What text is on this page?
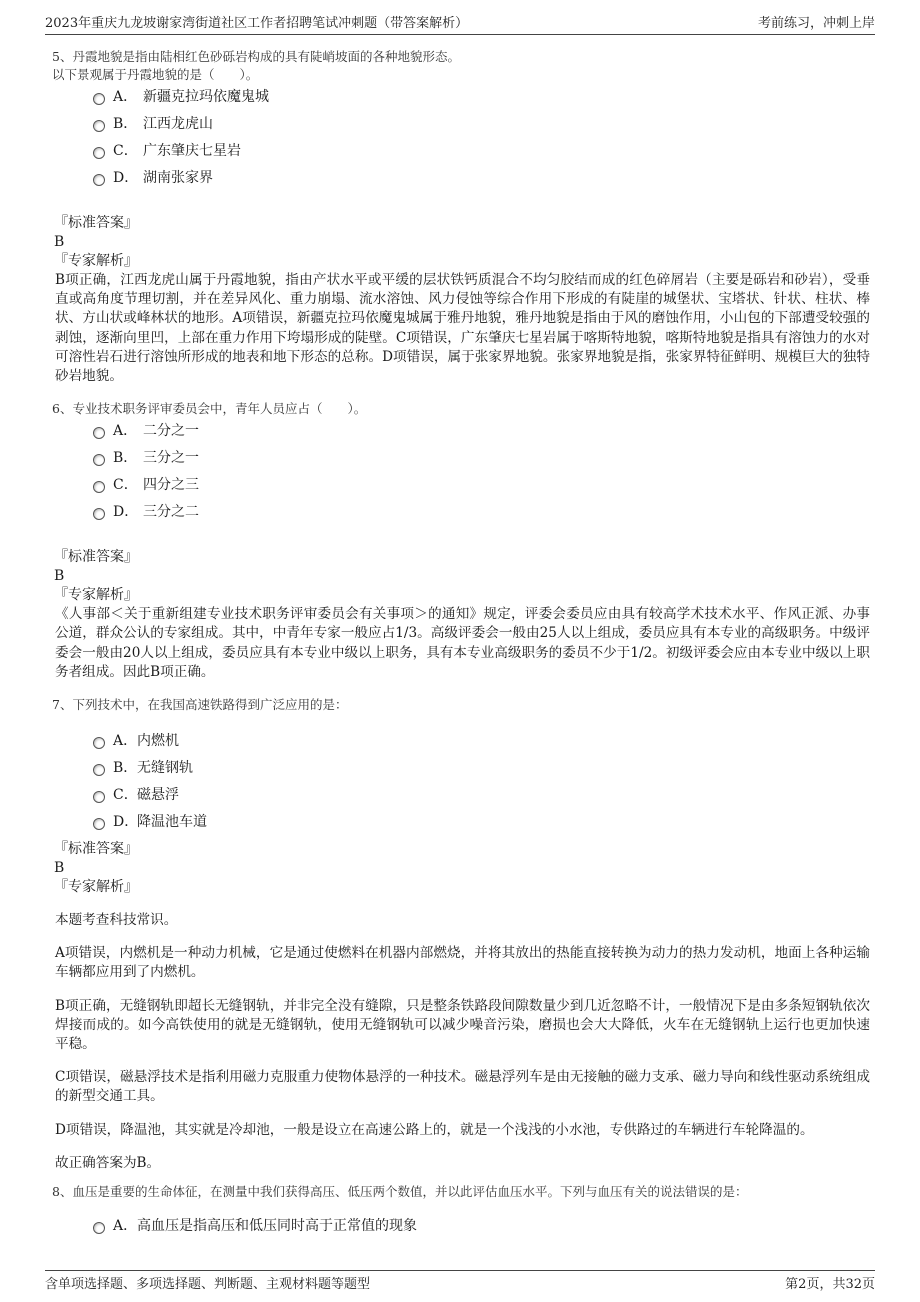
2023年重庆九龙坡谢家湾街道社区工作者招聘笔试冲刺题（带答案解析）	考前练习，冲刺上岸
5、丹霞地貌是指由陆相红色砂砾岩构成的具有陡峭坡面的各种地貌形态。
以下景观属于丹霞地貌的是（　　）。
A． 新疆克拉玛依魔鬼城
B． 江西龙虎山
C． 广东肇庆七星岩
D． 湖南张家界
『标准答案』
B
『专家解析』

B项正确，江西龙虎山属于丹霞地貌，指由产状水平或平缓的层状铁钙质混合不均匀胶结而成的红色碎屑岩（主要是砾岩和砂岩），受垂直或高角度节理切割，并在差异风化、重力崩塌、流水溶蚀、风力侵蚀等综合作用下形成的有陡崖的城堡状、宝塔状、针状、柱状、棒状、方山状或峰林状的地形。A项错误，新疆克拉玛依魔鬼城属于雅丹地貌，雅丹地貌是指由于风的磨蚀作用，小山包的下部遭受较强的剥蚀，逐渐向里凹，上部在重力作用下垮塌形成的陡壁。C项错误，广东肇庆七星岩属于喀斯特地貌，喀斯特地貌是指具有溶蚀力的水对可溶性岩石进行溶蚀所形成的地表和地下形态的总称。D项错误，属于张家界地貌。张家界地貌是指，张家界特征鲜明、规模巨大的独特砂岩地貌。

6、专业技术职务评审委员会中，青年人员应占（　　）。
A． 二分之一
B． 三分之一
C． 四分之三
D． 三分之二
『标准答案』
B
『专家解析』

《人事部＜关于重新组建专业技术职务评审委员会有关事项＞的通知》规定，评委会委员应由具有较高学术技术水平、作风正派、办事公道，群众公认的专家组成。其中，中青年专家一般应占1/3。高级评委会一般由25人以上组成，委员应具有本专业的高级职务。中级评委会一般由20人以上组成，委员应具有本专业中级以上职务，具有本专业高级职务的委员不少于1/2。初级评委会应由本专业中级以上职务者组成。因此B项正确。

7、下列技术中，在我国高速铁路得到广泛应用的是：
A．内燃机
B．无缝钢轨
C．磁悬浮
D．降温池车道
『标准答案』
B
『专家解析』

本题考查科技常识。

A项错误，内燃机是一种动力机械，它是通过使燃料在机器内部燃烧，并将其放出的热能直接转换为动力的热力发动机，地面上各种运输车辆都应用到了内燃机。

B项正确，无缝钢轨即超长无缝钢轨，并非完全没有缝隙，只是整条铁路段间隙数量少到几近忽略不计，一般情况下是由多条短钢轨依次焊接而成的。如今高铁使用的就是无缝钢轨，使用无缝钢轨可以减少噪音污染，磨损也会大大降低，火车在无缝钢轨上运行也更加快速平稳。

C项错误，磁悬浮技术是指利用磁力克服重力使物体悬浮的一种技术。磁悬浮列车是由无接触的磁力支承、磁力导向和线性驱动系统组成的新型交通工具。

D项错误，降温池，其实就是冷却池，一般是设立在高速公路上的，就是一个浅浅的小水池，专供路过的车辆进行车轮降温的。

故正确答案为B。

8、血压是重要的生命体征，在测量中我们获得高压、低压两个数值，并以此评估血压水平。下列与血压有关的说法错误的是：
A．高血压是指高压和低压同时高于正常值的现象
含单项选择题、多项选择题、判断题、主观材料题等题型	第2页，共32页
